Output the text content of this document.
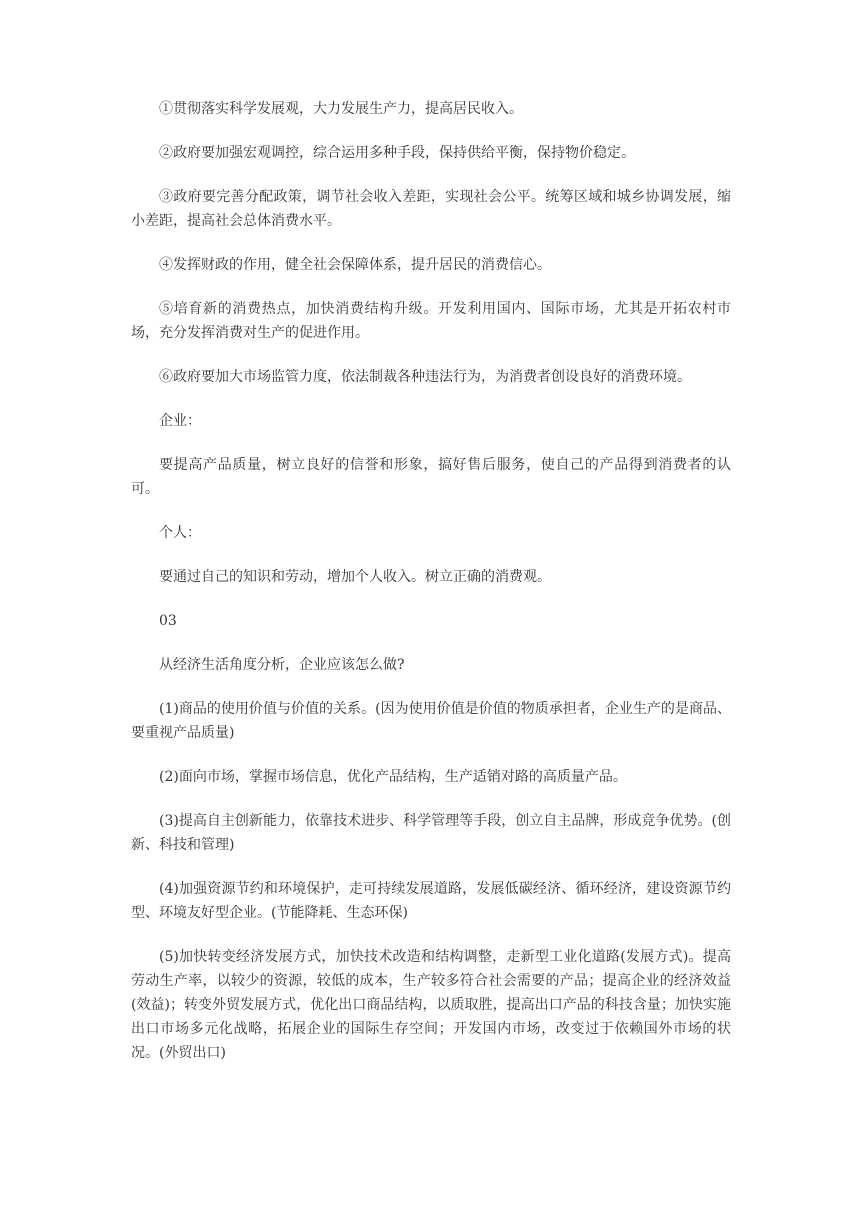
①贯彻落实科学发展观，大力发展生产力，提高居民收入。

②政府要加强宏观调控，综合运用多种手段，保持供给平衡，保持物价稳定。

③政府要完善分配政策，调节社会收入差距，实现社会公平。统筹区域和城乡协调发展，缩小差距，提高社会总体消费水平。

④发挥财政的作用，健全社会保障体系，提升居民的消费信心。

⑤培育新的消费热点，加快消费结构升级。开发利用国内、国际市场，尤其是开拓农村市场，充分发挥消费对生产的促进作用。

⑥政府要加大市场监管力度，依法制裁各种违法行为，为消费者创设良好的消费环境。

企业：

要提高产品质量，树立良好的信誉和形象，搞好售后服务，使自己的产品得到消费者的认可。

个人：

要通过自己的知识和劳动，增加个人收入。树立正确的消费观。

03

从经济生活角度分析，企业应该怎么做?

(1)商品的使用价值与价值的关系。(因为使用价值是价值的物质承担者，企业生产的是商品、要重视产品质量)

(2)面向市场，掌握市场信息，优化产品结构，生产适销对路的高质量产品。

(3)提高自主创新能力，依靠技术进步、科学管理等手段，创立自主品牌，形成竞争优势。(创新、科技和管理)

(4)加强资源节约和环境保护，走可持续发展道路，发展低碳经济、循环经济，建设资源节约型、环境友好型企业。(节能降耗、生态环保)

(5)加快转变经济发展方式，加快技术改造和结构调整，走新型工业化道路(发展方式)。提高劳动生产率，以较少的资源，较低的成本，生产较多符合社会需要的产品；提高企业的经济效益(效益)；转变外贸发展方式，优化出口商品结构，以质取胜，提高出口产品的科技含量；加快实施出口市场多元化战略，拓展企业的国际生存空间；开发国内市场，改变过于依赖国外市场的状况。(外贸出口)
